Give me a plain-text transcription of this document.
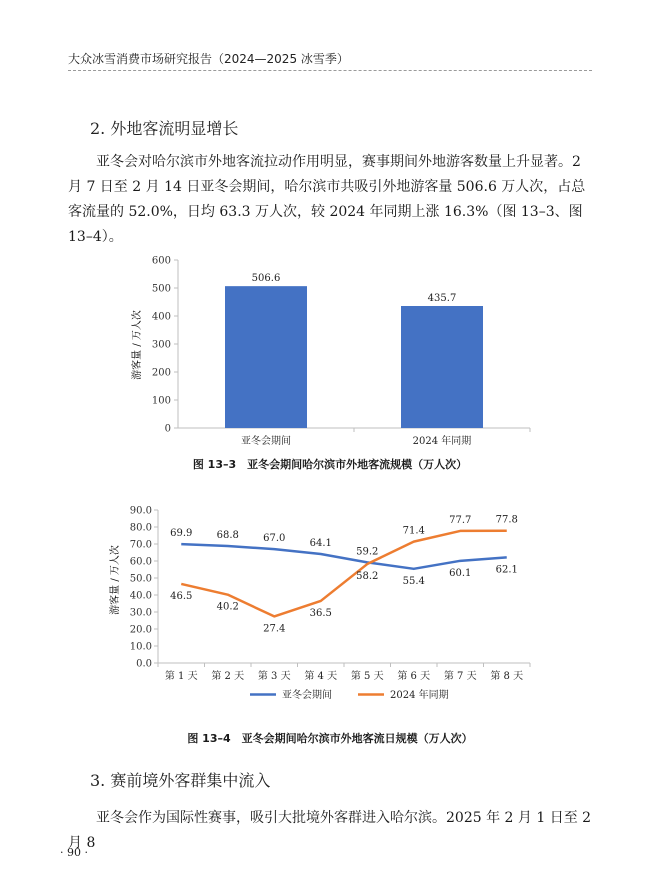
大众冰雪消费市场研究报告（2024—2025 冰雪季）
2. 外地客流明显增长

亚冬会对哈尔滨市外地客流拉动作用明显，赛事期间外地游客数量上升显著。2 月 7 日至 2 月 14 日亚冬会期间，哈尔滨市共吸引外地游客量 506.6 万人次，占总客流量的 52.0%，日均 63.3 万人次，较 2024 年同期上涨 16.3%（图 13–3、图 13–4）。

0
100
200
300
400
500
600
亚冬会期间	2024 年同期
506.6
435.7
游客量 / 万人次
图 13–3　亚冬会期间哈尔滨市外地客流规模（万人次）
0.0
10.0
20.0
30.0
40.0
50.0
60.0
70.0
80.0
90.0
第 1 天 第 2 天 第 3 天 第 4 天 第 5 天 第 6 天 第 7 天 第 8 天
69.9 68.8 67.0 64.1
59.2
55.4
60.1 62.1
46.5
40.2
27.4
36.5
58.2
71.4
77.7 77.8
亚冬会期间	2024 年同期
游客量 / 万人次
图 13–4　亚冬会期间哈尔滨市外地客流日规模（万人次）
3. 赛前境外客群集中流入

亚冬会作为国际性赛事，吸引大批境外客群进入哈尔滨。2025 年 2 月 1 日至 2 月 8

· 90 ·
